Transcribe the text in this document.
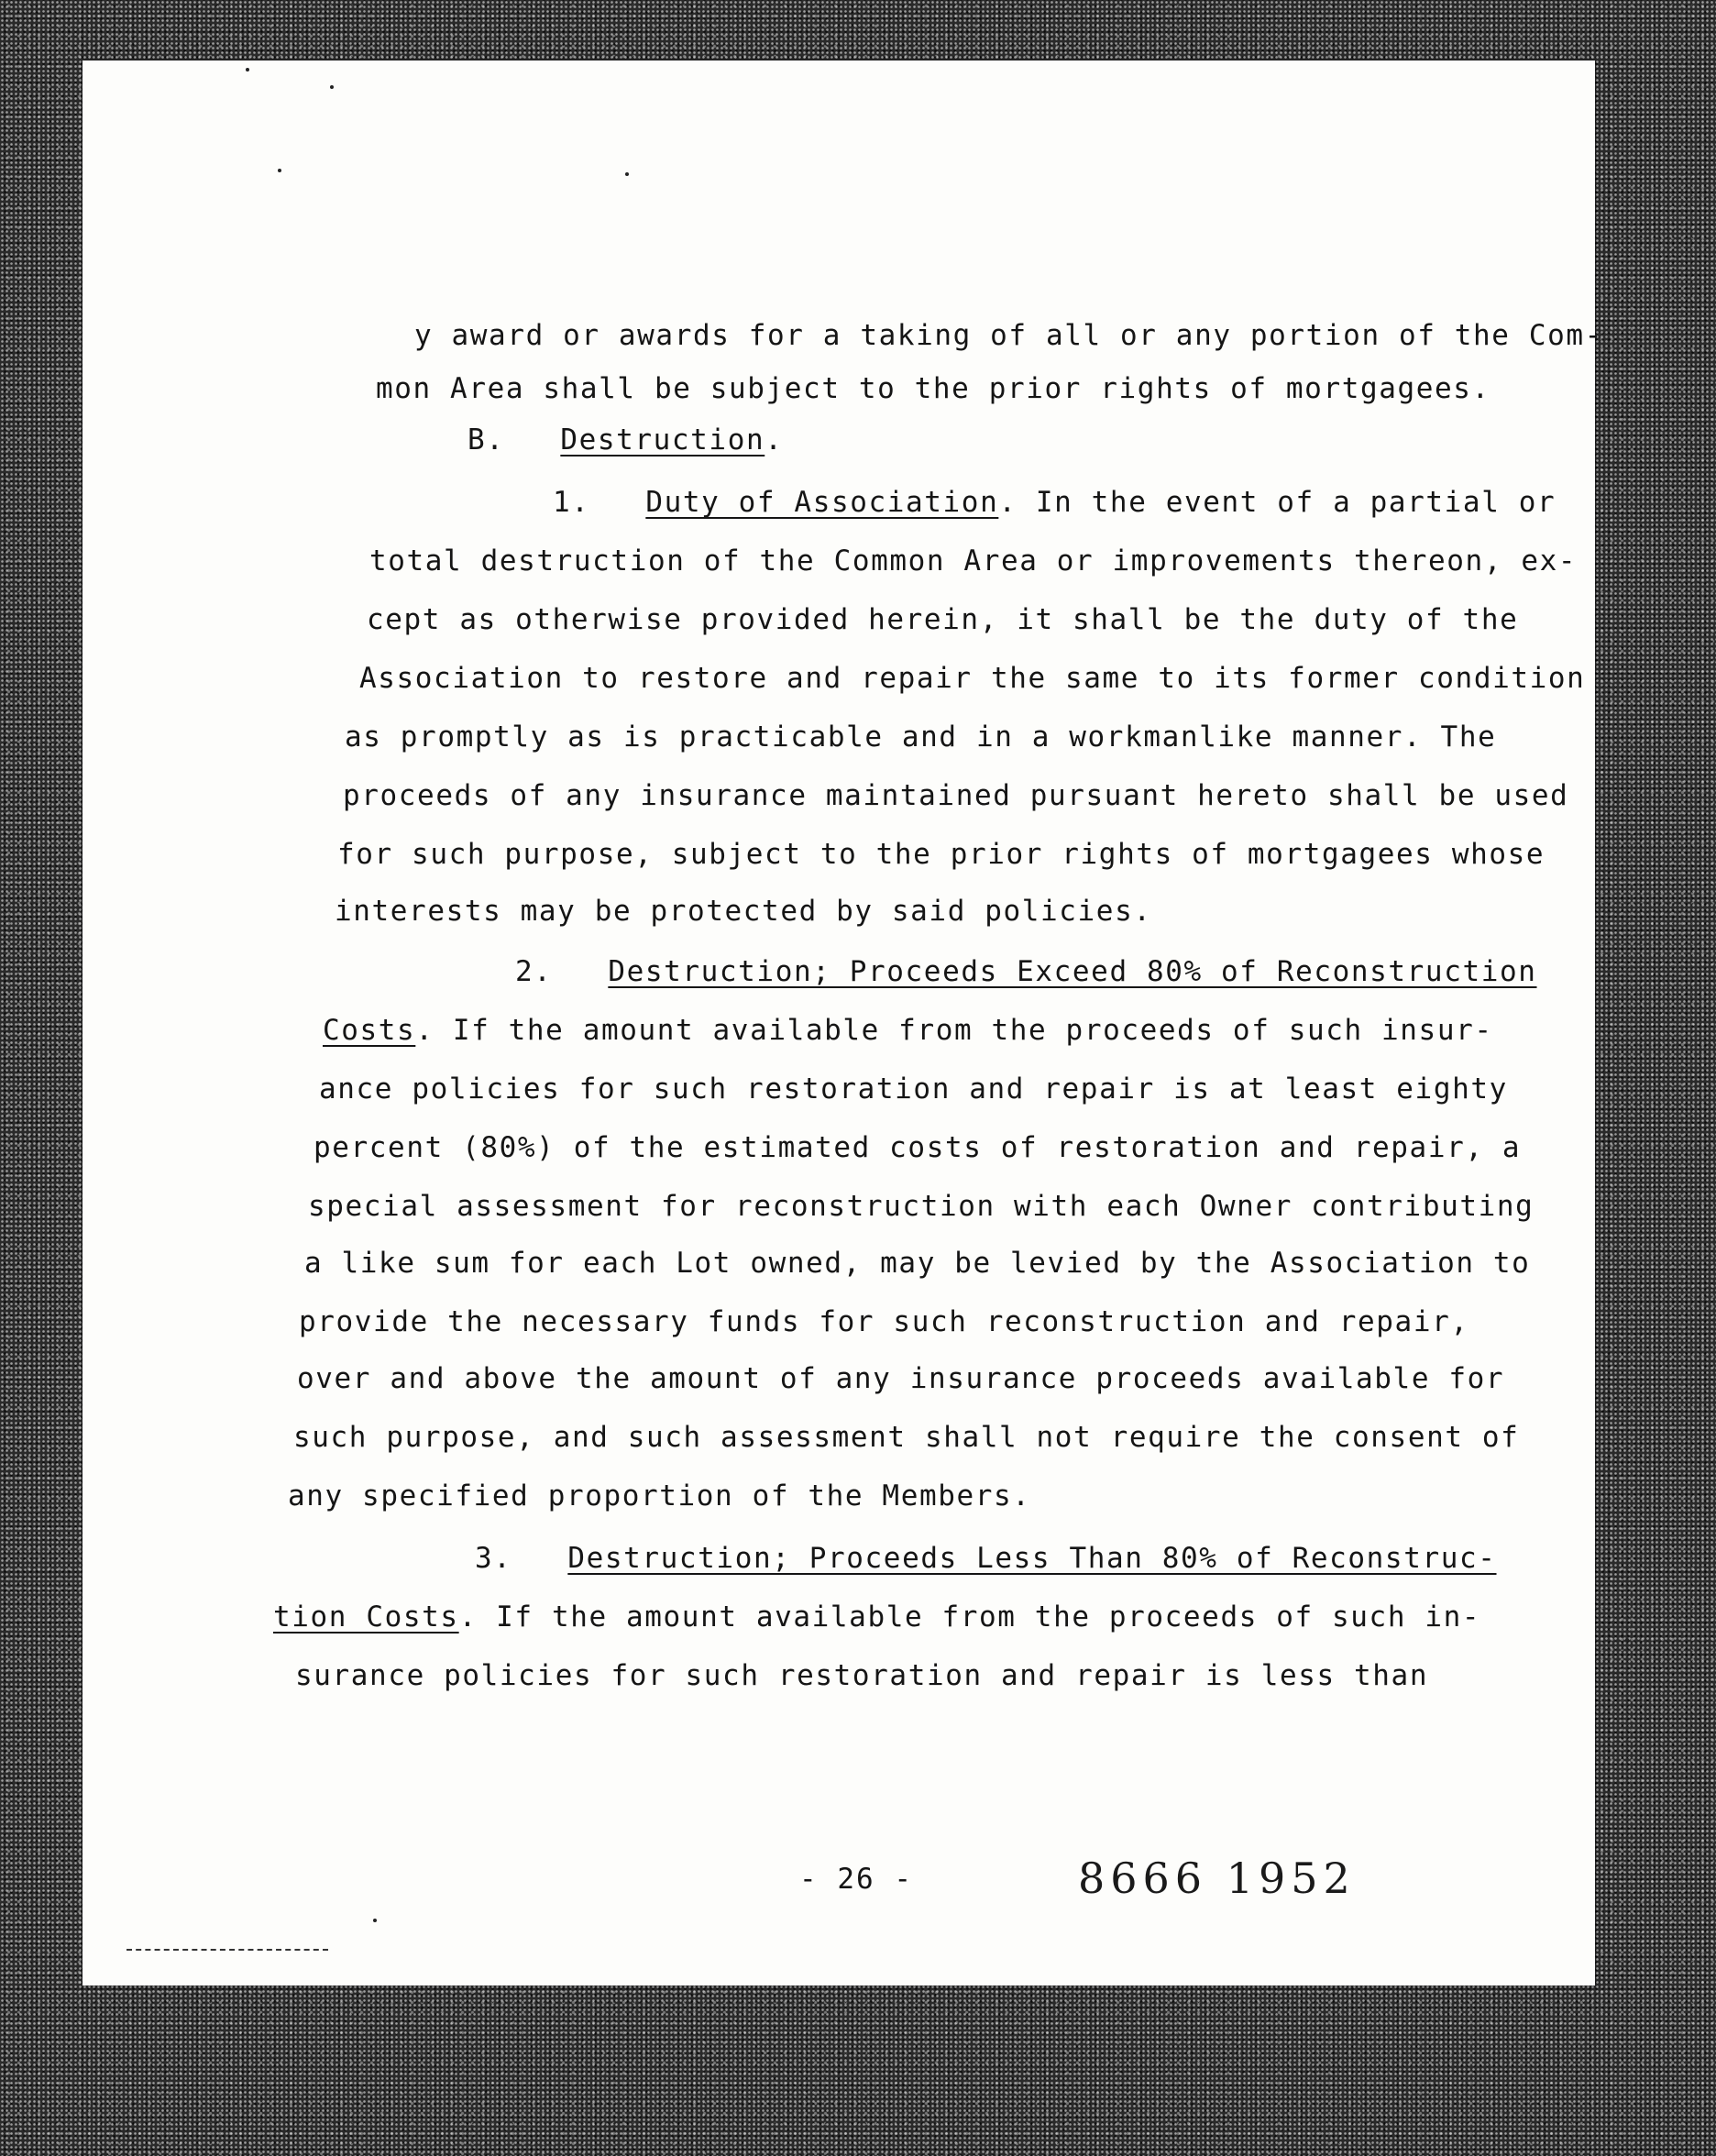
y award or awards for a taking of all or any portion of the Com-
mon Area shall be subject to the prior rights of mortgagees.
B. Destruction.
1. Duty of Association. In the event of a partial or
total destruction of the Common Area or improvements thereon, ex-
cept as otherwise provided herein, it shall be the duty of the
Association to restore and repair the same to its former condition
as promptly as is practicable and in a workmanlike manner. The
proceeds of any insurance maintained pursuant hereto shall be used
for such purpose, subject to the prior rights of mortgagees whose
interests may be protected by said policies.
2. Destruction; Proceeds Exceed 80% of Reconstruction
Costs. If the amount available from the proceeds of such insur-
ance policies for such restoration and repair is at least eighty
percent (80%) of the estimated costs of restoration and repair, a
special assessment for reconstruction with each Owner contributing
a like sum for each Lot owned, may be levied by the Association to
provide the necessary funds for such reconstruction and repair,
over and above the amount of any insurance proceeds available for
such purpose, and such assessment shall not require the consent of
any specified proportion of the Members.
3. Destruction; Proceeds Less Than 80% of Reconstruc-
tion Costs. If the amount available from the proceeds of such in-
surance policies for such restoration and repair is less than
- 26 -	8666 1952
